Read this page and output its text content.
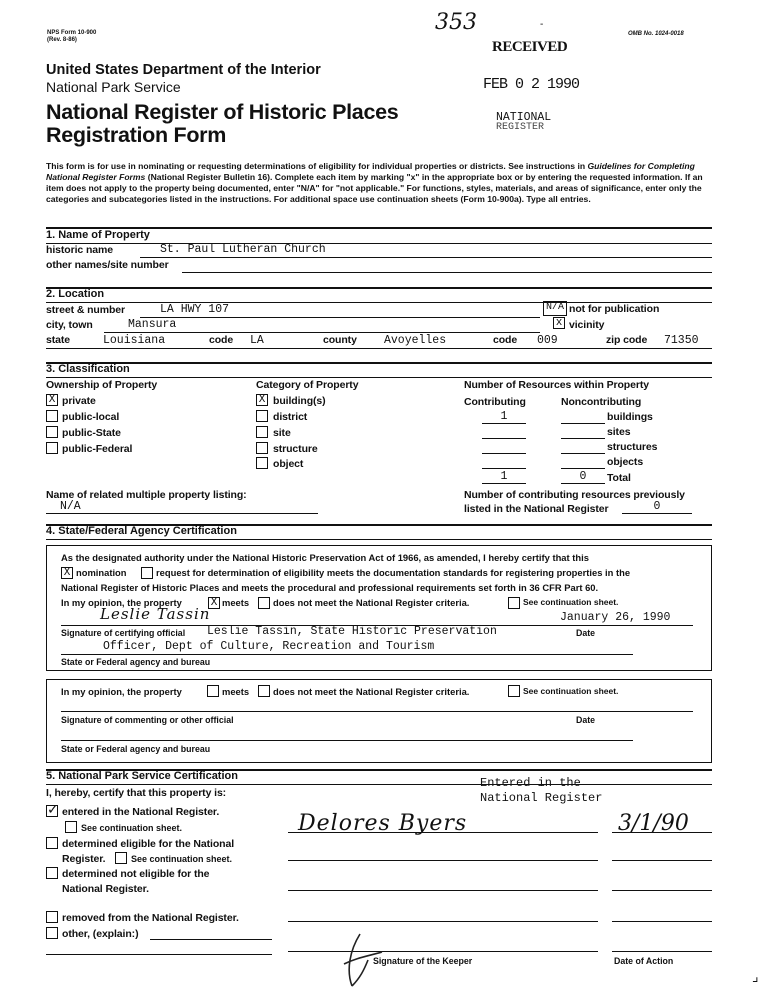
NPS Form 10-900
(Rev. 8-86)
OMB No. 1024-0018
353	-
RECEIVED
FEB 0 2 1990
NATIONAL
REGISTER
United States Department of the Interior
National Park Service
National Register of Historic Places
Registration Form
This form is for use in nominating or requesting determinations of eligibility for individual properties or districts. See instructions in Guidelines for Completing National Register Forms (National Register Bulletin 16). Complete each item by marking "x" in the appropriate box or by entering the requested information. If an item does not apply to the property being documented, enter "N/A" for "not applicable." For functions, styles, materials, and areas of significance, enter only the categories and subcategories listed in the instructions. For additional space use continuation sheets (Form 10-900a). Type all entries.
1. Name of Property
historic name	St. Paul Lutheran Church
other names/site number
2. Location
street & number	LA HWY 107	N/A not for publication
city, town	Mansura	x vicinity
state	Louisiana	code LA	county Avoyelles	code 009	zip code 71350
3. Classification
Ownership of Property	Category of Property	Number of Resources within Property
X private
public-local
public-State
public-Federal
X building(s)
district
site
structure
object
Contributing	Noncontributing
1	buildings
sites
structures
objects
1	0	Total
Name of related multiple property listing:
N/A
Number of contributing resources previously
listed in the National Register	0
4. State/Federal Agency Certification
As the designated authority under the National Historic Preservation Act of 1966, as amended, I hereby certify that this
X nomination	request for determination of eligibility meets the documentation standards for registering properties in the
National Register of Historic Places and meets the procedural and professional requirements set forth in 36 CFR Part 60.
In my opinion, the property	X meets	does not meet the National Register criteria.	See continuation sheet.
Leslie Tassin	January 26, 1990
Signature of certifying official Leslie Tassin, State Historic Preservation	Date
Officer, Dept of Culture, Recreation and Tourism
State or Federal agency and bureau
In my opinion, the property	meets	does not meet the National Register criteria.	See continuation sheet.
Signature of commenting or other official	Date
State or Federal agency and bureau
5. National Park Service Certification
I, hereby, certify that this property is:
Entered in the
National Register
✓ entered in the National Register.
See continuation sheet.
determined eligible for the National
Register.	See continuation sheet.
determined not eligible for the
National Register.
removed from the National Register.
other, (explain:)
Delores Byers	3/1/90
Signature of the Keeper	Date of Action
⌟
